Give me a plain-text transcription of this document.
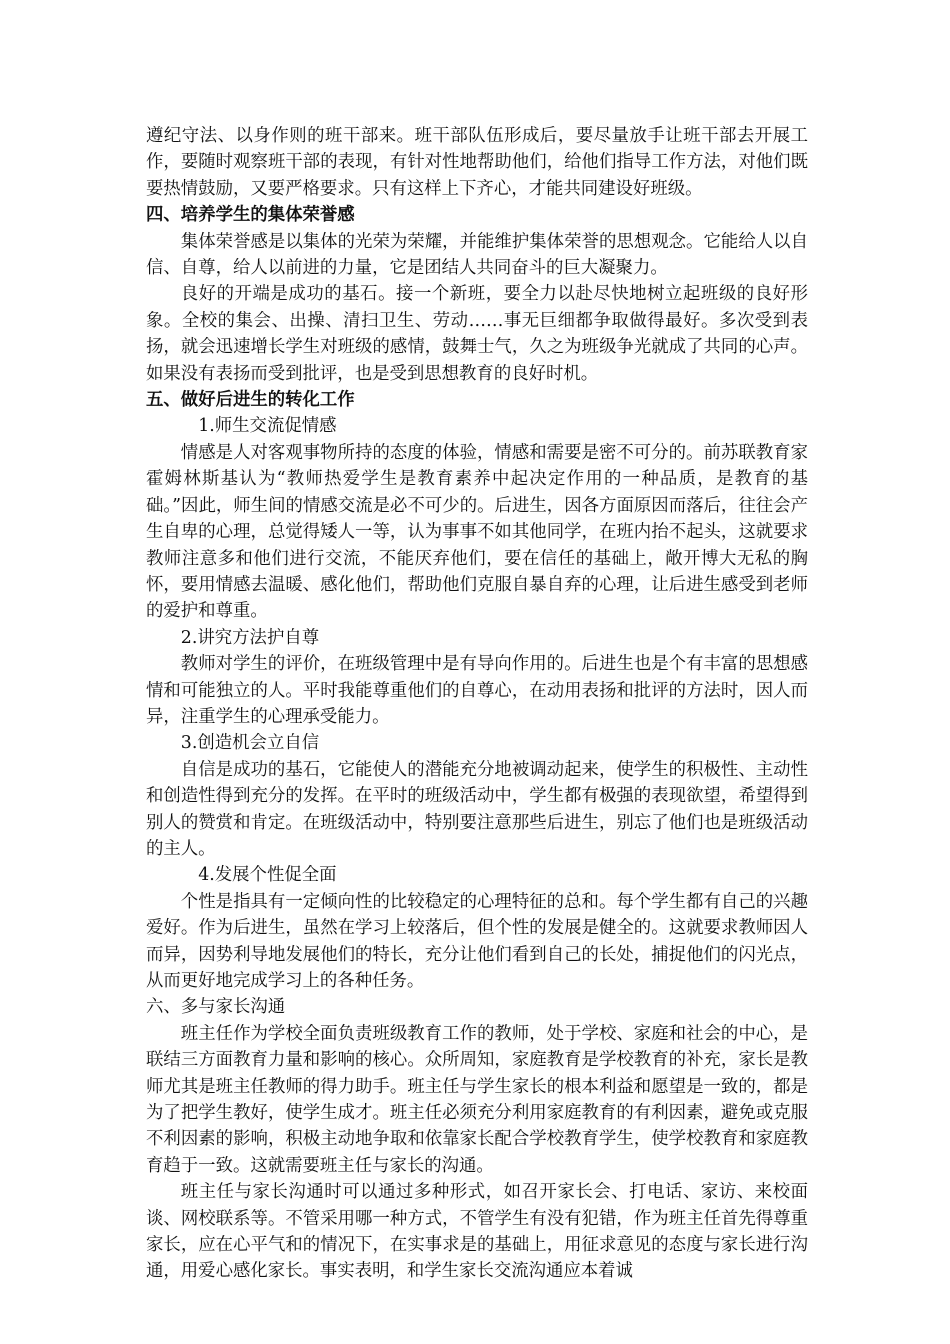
遵纪守法、以身作则的班干部来。班干部队伍形成后，要尽量放手让班干部去开展工作，要随时观察班干部的表现，有针对性地帮助他们，给他们指导工作方法，对他们既要热情鼓励，又要严格要求。只有这样上下齐心，才能共同建设好班级。

四、培养学生的集体荣誉感

集体荣誉感是以集体的光荣为荣耀，并能维护集体荣誉的思想观念。它能给人以自信、自尊，给人以前进的力量，它是团结人共同奋斗的巨大凝聚力。

良好的开端是成功的基石。接一个新班，要全力以赴尽快地树立起班级的良好形象。全校的集会、出操、清扫卫生、劳动……事无巨细都争取做得最好。多次受到表扬，就会迅速增长学生对班级的感情，鼓舞士气，久之为班级争光就成了共同的心声。如果没有表扬而受到批评，也是受到思想教育的良好时机。

五、做好后进生的转化工作

1.师生交流促情感

情感是人对客观事物所持的态度的体验，情感和需要是密不可分的。前苏联教育家霍姆林斯基认为“教师热爱学生是教育素养中起决定作用的一种品质，是教育的基础。”因此，师生间的情感交流是必不可少的。后进生，因各方面原因而落后，往往会产生自卑的心理，总觉得矮人一等，认为事事不如其他同学，在班内抬不起头，这就要求教师注意多和他们进行交流，不能厌弃他们，要在信任的基础上，敞开博大无私的胸怀，要用情感去温暖、感化他们，帮助他们克服自暴自弃的心理，让后进生感受到老师的爱护和尊重。

2.讲究方法护自尊

教师对学生的评价，在班级管理中是有导向作用的。后进生也是个有丰富的思想感情和可能独立的人。平时我能尊重他们的自尊心，在动用表扬和批评的方法时，因人而异，注重学生的心理承受能力。

3.创造机会立自信

自信是成功的基石，它能使人的潜能充分地被调动起来，使学生的积极性、主动性和创造性得到充分的发挥。在平时的班级活动中，学生都有极强的表现欲望，希望得到别人的赞赏和肯定。在班级活动中，特别要注意那些后进生，别忘了他们也是班级活动的主人。

4.发展个性促全面

个性是指具有一定倾向性的比较稳定的心理特征的总和。每个学生都有自己的兴趣爱好。作为后进生，虽然在学习上较落后，但个性的发展是健全的。这就要求教师因人而异，因势利导地发展他们的特长，充分让他们看到自己的长处，捕捉他们的闪光点，从而更好地完成学习上的各种任务。

六、多与家长沟通

班主任作为学校全面负责班级教育工作的教师，处于学校、家庭和社会的中心，是联结三方面教育力量和影响的核心。众所周知，家庭教育是学校教育的补充，家长是教师尤其是班主任教师的得力助手。班主任与学生家长的根本利益和愿望是一致的，都是为了把学生教好，使学生成才。班主任必须充分利用家庭教育的有利因素，避免或克服不利因素的影响，积极主动地争取和依靠家长配合学校教育学生，使学校教育和家庭教育趋于一致。这就需要班主任与家长的沟通。

班主任与家长沟通时可以通过多种形式，如召开家长会、打电话、家访、来校面谈、网校联系等。不管采用哪一种方式，不管学生有没有犯错，作为班主任首先得尊重家长，应在心平气和的情况下，在实事求是的基础上，用征求意见的态度与家长进行沟通，用爱心感化家长。事实表明，和学生家长交流沟通应本着诚
